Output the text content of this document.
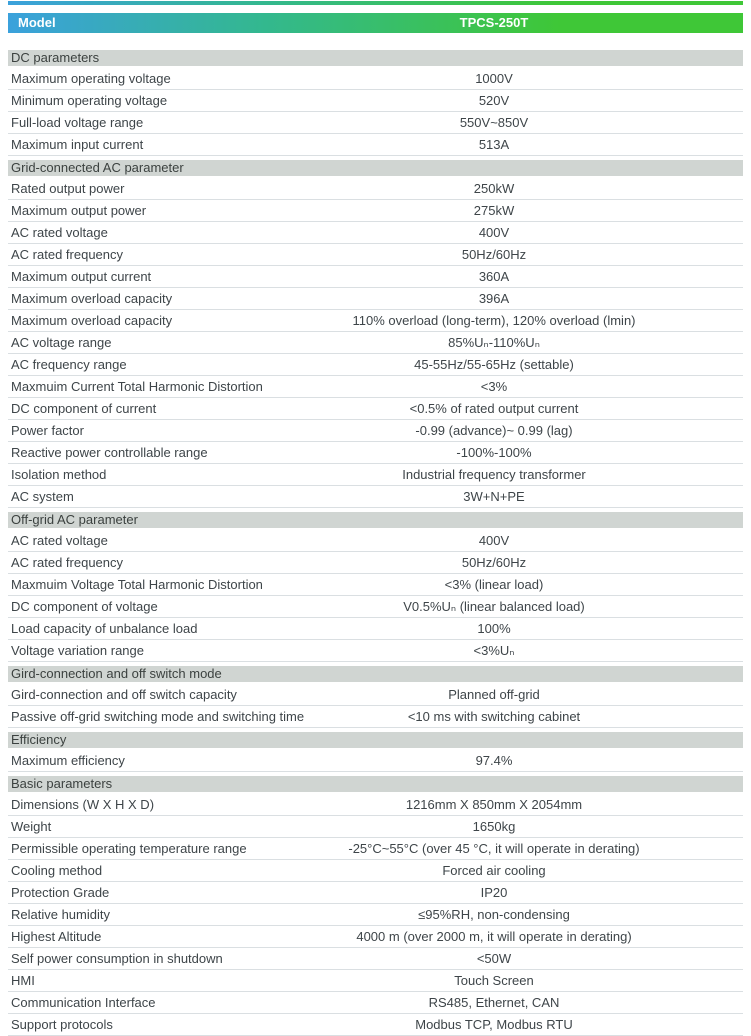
Model	TPCS-250T
DC parameters
Maximum operating voltage	1000V
Minimum operating voltage	520V
Full-load voltage range	550V~850V
Maximum input current	513A
Grid-connected AC parameter
Rated output power	250kW
Maximum output power	275kW
AC rated voltage	400V
AC rated frequency	50Hz/60Hz
Maximum output current	360A
Maximum overload capacity	396A
Maximum overload capacity	110% overload (long-term), 120% overload (lmin)
AC voltage range	85%Uₙ-110%Uₙ
AC frequency range	45-55Hz/55-65Hz (settable)
Maxmuim Current Total Harmonic Distortion	<3%
DC component of current	<0.5% of rated output current
Power factor	-0.99 (advance)~ 0.99 (lag)
Reactive power controllable range	-100%-100%
Isolation method	Industrial frequency transformer
AC system	3W+N+PE
Off-grid AC parameter
AC rated voltage	400V
AC rated frequency	50Hz/60Hz
Maxmuim Voltage Total Harmonic Distortion	<3% (linear load)
DC component of voltage	V0.5%Uₙ (linear balanced load)
Load capacity of unbalance load	100%
Voltage variation range	<3%Uₙ
Gird-connection and off switch mode
Gird-connection and off switch capacity	Planned off-grid
Passive off-grid switching mode and switching time	<10 ms with switching cabinet
Efficiency
Maximum efficiency	97.4%
Basic parameters
Dimensions (W X H X D)	1216mm X 850mm X 2054mm
Weight	1650kg
Permissible operating temperature range	-25°C~55°C (over 45 °C, it will operate in derating)
Cooling method	Forced air cooling
Protection Grade	IP20
Relative humidity	≤95%RH, non-condensing
Highest Altitude	4000 m (over 2000 m, it will operate in derating)
Self power consumption in shutdown	<50W
HMI	Touch Screen
Communication Interface	RS485, Ethernet, CAN
Support protocols	Modbus TCP, Modbus RTU
